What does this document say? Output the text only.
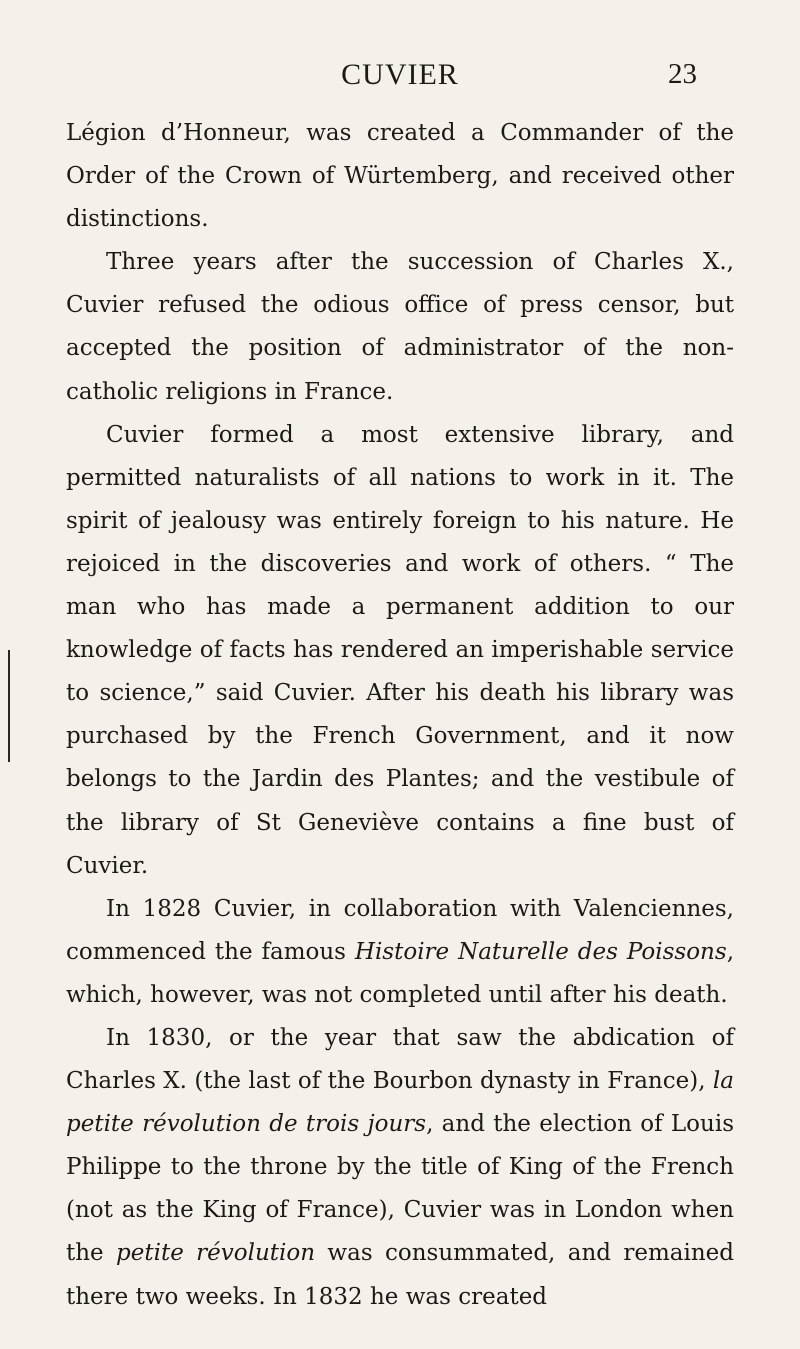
CUVIER	23

Légion d’Honneur, was created a Commander of the Order of the Crown of Würtemberg, and received other distinctions.

Three years after the succession of Charles X., Cuvier refused the odious office of press censor, but accepted the position of administrator of the non-catholic religions in France.

Cuvier formed a most extensive library, and permitted naturalists of all nations to work in it. The spirit of jealousy was entirely foreign to his nature. He rejoiced in the discoveries and work of others. “ The man who has made a permanent addition to our knowledge of facts has rendered an imperishable service to science,” said Cuvier. After his death his library was purchased by the French Government, and it now belongs to the Jardin des Plantes; and the vestibule of the library of St Geneviève contains a fine bust of Cuvier.

In 1828 Cuvier, in collaboration with Valenciennes, commenced the famous Histoire Naturelle des Poissons, which, however, was not completed until after his death.

In 1830, or the year that saw the abdication of Charles X. (the last of the Bourbon dynasty in France), la petite révolution de trois jours, and the election of Louis Philippe to the throne by the title of King of the French (not as the King of France), Cuvier was in London when the petite révolution was consummated, and remained there two weeks. In 1832 he was created
